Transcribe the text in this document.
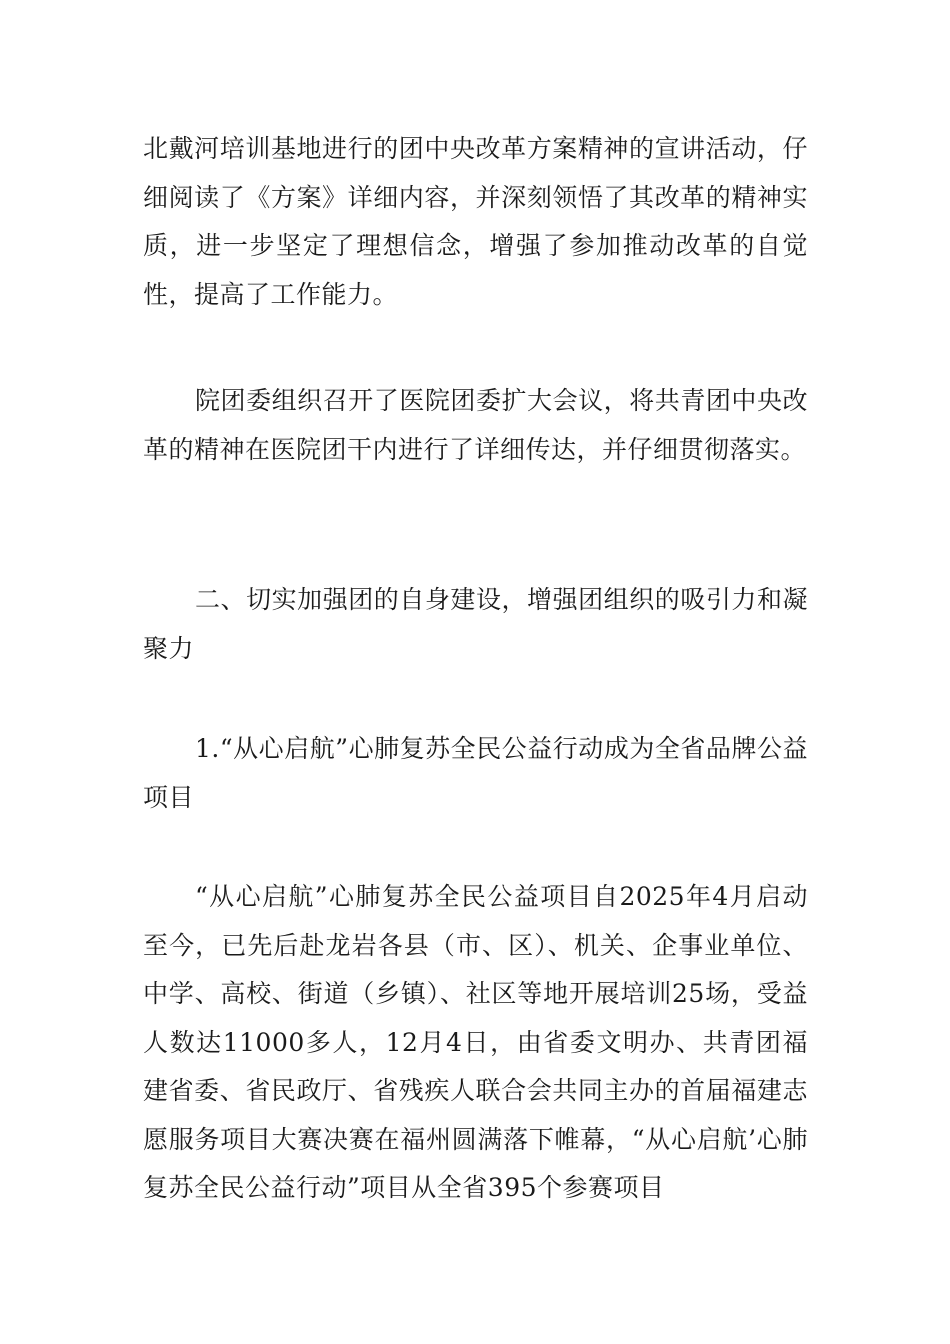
北戴河培训基地进行的团中央改革方案精神的宣讲活动，仔细阅读了《方案》详细内容，并深刻领悟了其改革的精神实质，进一步坚定了理想信念，增强了参加推动改革的自觉性，提高了工作能力。

院团委组织召开了医院团委扩大会议，将共青团中央改革的精神在医院团干内进行了详细传达，并仔细贯彻落实。

二、切实加强团的自身建设，增强团组织的吸引力和凝聚力

1.“从心启航”心肺复苏全民公益行动成为全省品牌公益项目

“从心启航”心肺复苏全民公益项目自2025年4月启动至今，已先后赴龙岩各县（市、区）、机关、企事业单位、中学、高校、街道（乡镇）、社区等地开展培训25场，受益人数达11000多人，12月4日，由省委文明办、共青团福建省委、省民政厅、省残疾人联合会共同主办的首届福建志愿服务项目大赛决赛在福州圆满落下帷幕，“从心启航’心肺复苏全民公益行动”项目从全省395个参赛项目
